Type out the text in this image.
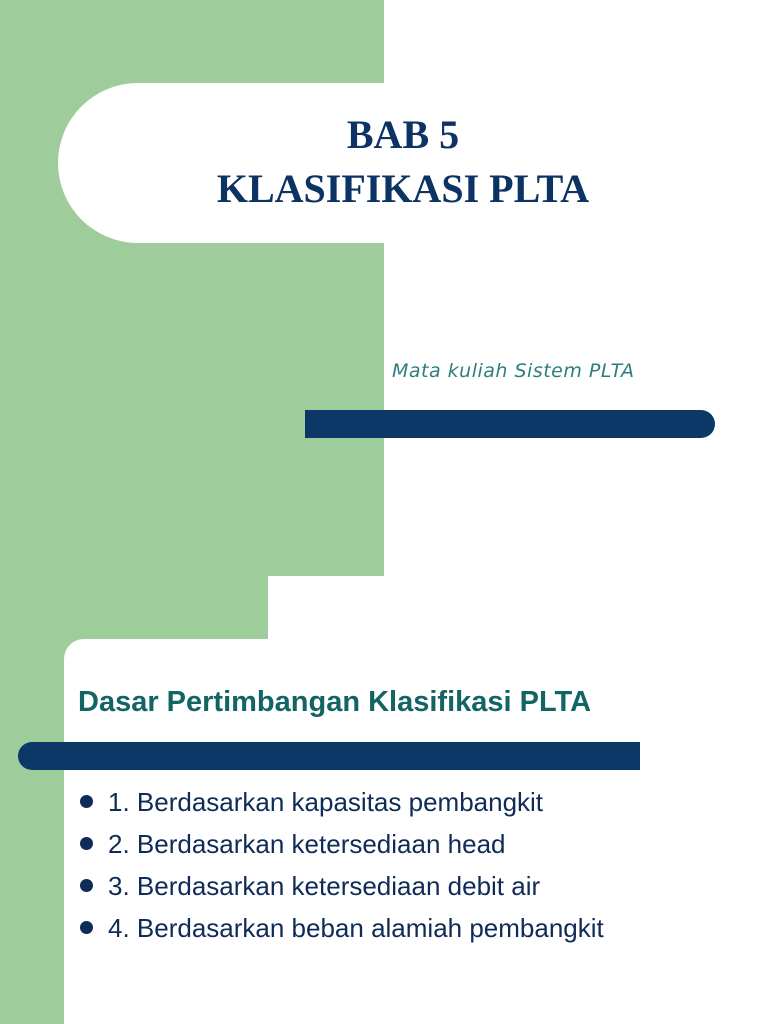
BAB 5
KLASIFIKASI PLTA

Mata kuliah Sistem PLTA

Dasar Pertimbangan Klasifikasi PLTA
1. Berdasarkan kapasitas pembangkit
2. Berdasarkan ketersediaan head
3. Berdasarkan ketersediaan debit air
4. Berdasarkan beban alamiah pembangkit
